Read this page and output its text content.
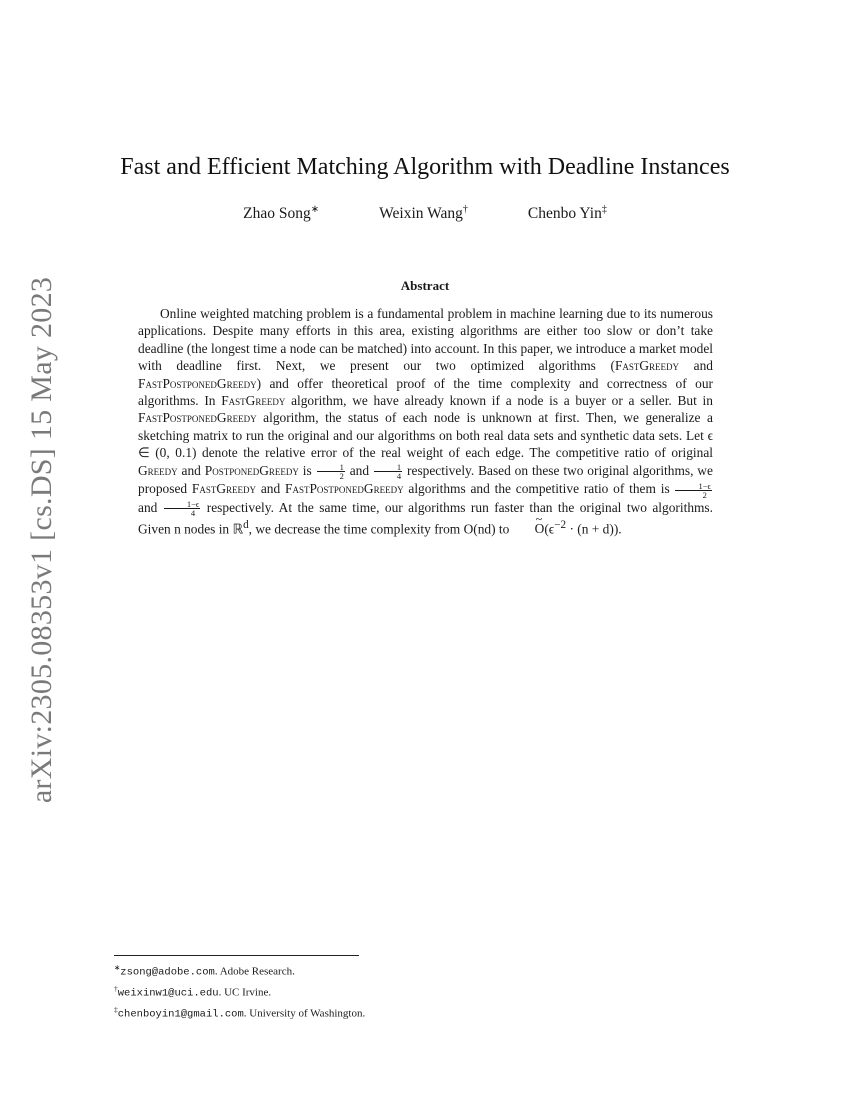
arXiv:2305.08353v1 [cs.DS] 15 May 2023
Fast and Efficient Matching Algorithm with Deadline Instances
Zhao Song∗	Weixin Wang†	Chenbo Yin‡
Abstract
Online weighted matching problem is a fundamental problem in machine learning due to its numerous applications. Despite many efforts in this area, existing algorithms are either too slow or don’t take deadline (the longest time a node can be matched) into account. In this paper, we introduce a market model with deadline first. Next, we present our two optimized algorithms (FastGreedy and FastPostponedGreedy) and offer theoretical proof of the time complexity and correctness of our algorithms. In FastGreedy algorithm, we have already known if a node is a buyer or a seller. But in FastPostponedGreedy algorithm, the status of each node is unknown at first. Then, we generalize a sketching matrix to run the original and our algorithms on both real data sets and synthetic data sets. Let ϵ ∈ (0, 0.1) denote the relative error of the real weight of each edge. The competitive ratio of original Greedy and PostponedGreedy is $\frac{1}{2}$ and $\frac{1}{4}$ respectively. Based on these two original algorithms, we proposed FastGreedy and FastPostponedGreedy algorithms and the competitive ratio of them is $\frac{1-\epsilon}{2}$
and $\frac{1-\epsilon}{4}$ respectively. At the same time, our algorithms run faster than the original two algorithms. Given n nodes in ℝ$^d$, we decrease the time complexity from O(nd) to ~ $O(\epsilon^{-2} \cdot (n + d))$.
∗zsong@adobe.com. Adobe Research.
†weixinw1@uci.edu. UC Irvine.
‡chenboyin1@gmail.com. University of Washington.
